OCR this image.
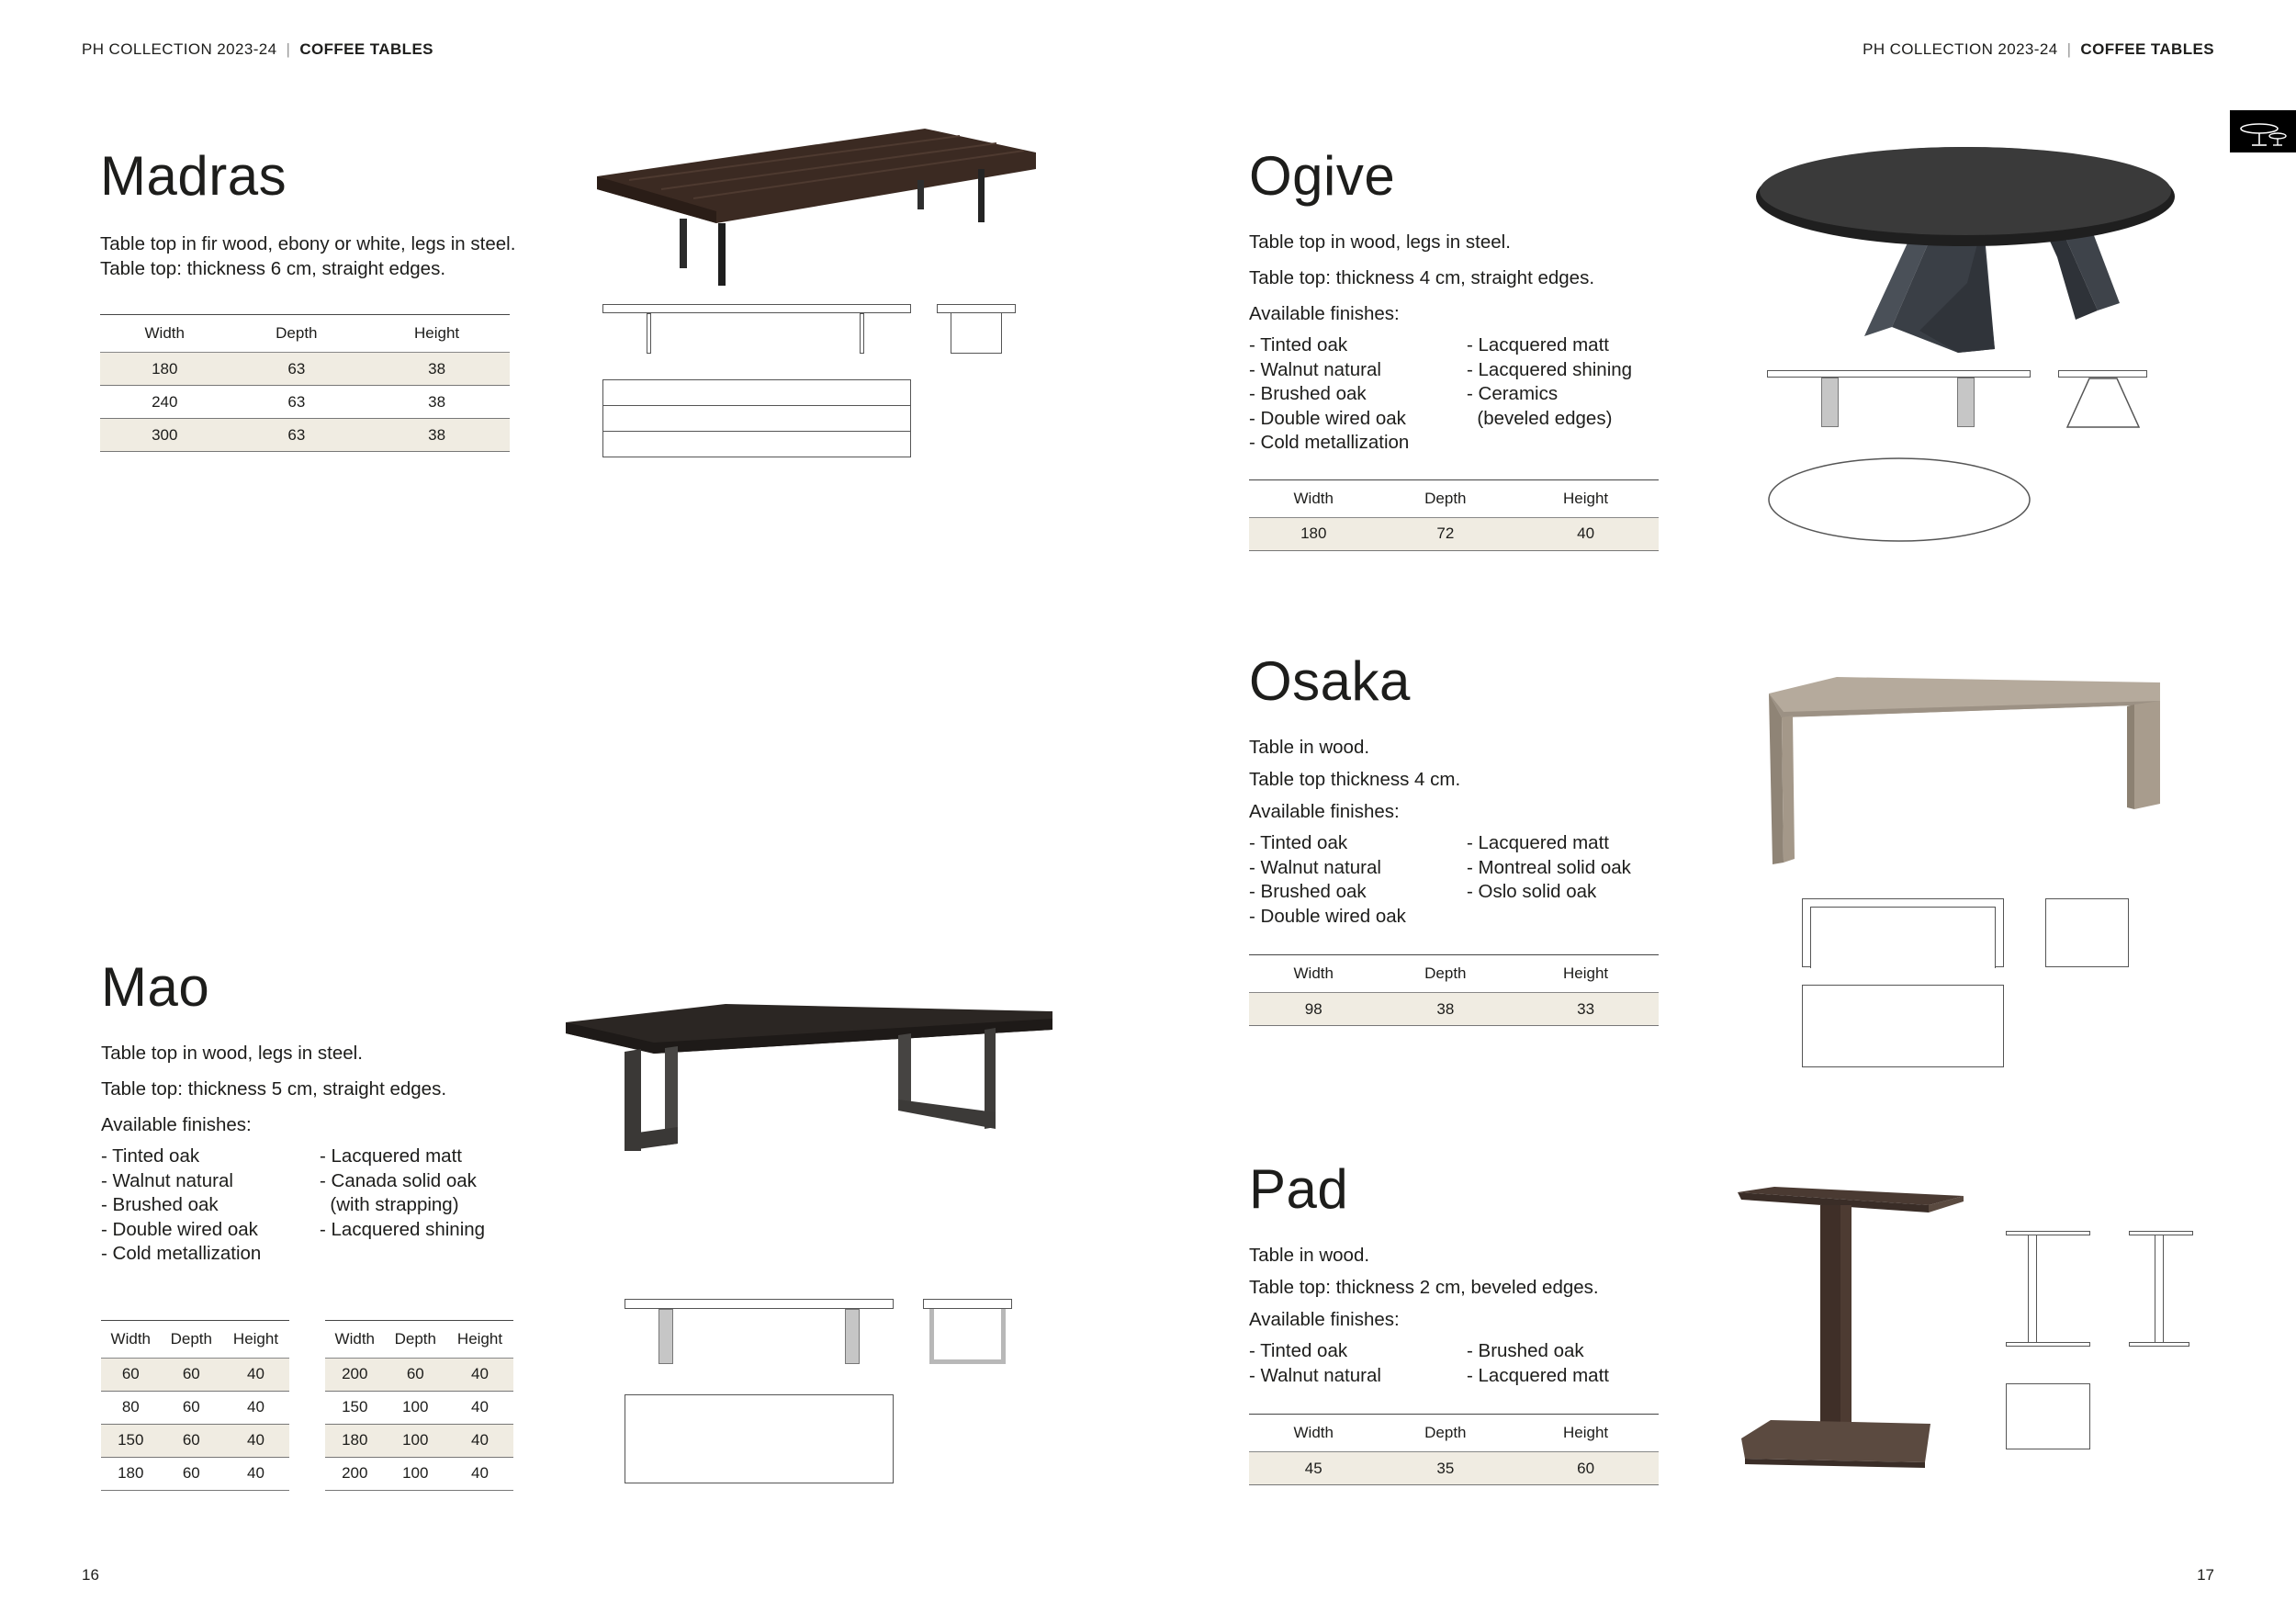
PH COLLECTION 2023-24 | COFFEE TABLES	PH COLLECTION 2023-24 | COFFEE TABLES
Madras

Table top in fir wood, ebony or white, legs in steel.

Table top: thickness 6 cm, straight edges.

Width	Depth	Height
180	63	38
240	63	38
300	63	38
Mao

Table top in wood, legs in steel.

Table top: thickness 5 cm, straight edges.

Available finishes:

- Tinted oak
- Walnut natural
- Brushed oak
- Double wired oak
- Cold metallization
- Lacquered matt
- Canada solid oak
(with strapping)
- Lacquered shining
Width	Depth	Height
60	60	40
80	60	40
150	60	40
180	60	40
Width	Depth	Height
200	60	40
150	100	40
180	100	40
200	100	40
Ogive

Table top in wood, legs in steel.

Table top: thickness 4 cm, straight edges.

Available finishes:

- Tinted oak
- Walnut natural
- Brushed oak
- Double wired oak
- Cold metallization
- Lacquered matt
- Lacquered shining
- Ceramics
(beveled edges)
Width	Depth	Height
180	72	40
Osaka

Table in wood.

Table top thickness 4 cm.

Available finishes:

- Tinted oak
- Walnut natural
- Brushed oak
- Double wired oak
- Lacquered matt
- Montreal solid oak
- Oslo solid oak
Width	Depth	Height
98	38	33
Pad

Table in wood.

Table top: thickness 2 cm, beveled edges.

Available finishes:

- Tinted oak
- Walnut natural
- Brushed oak
- Lacquered matt
Width	Depth	Height
45	35	60
16	17
